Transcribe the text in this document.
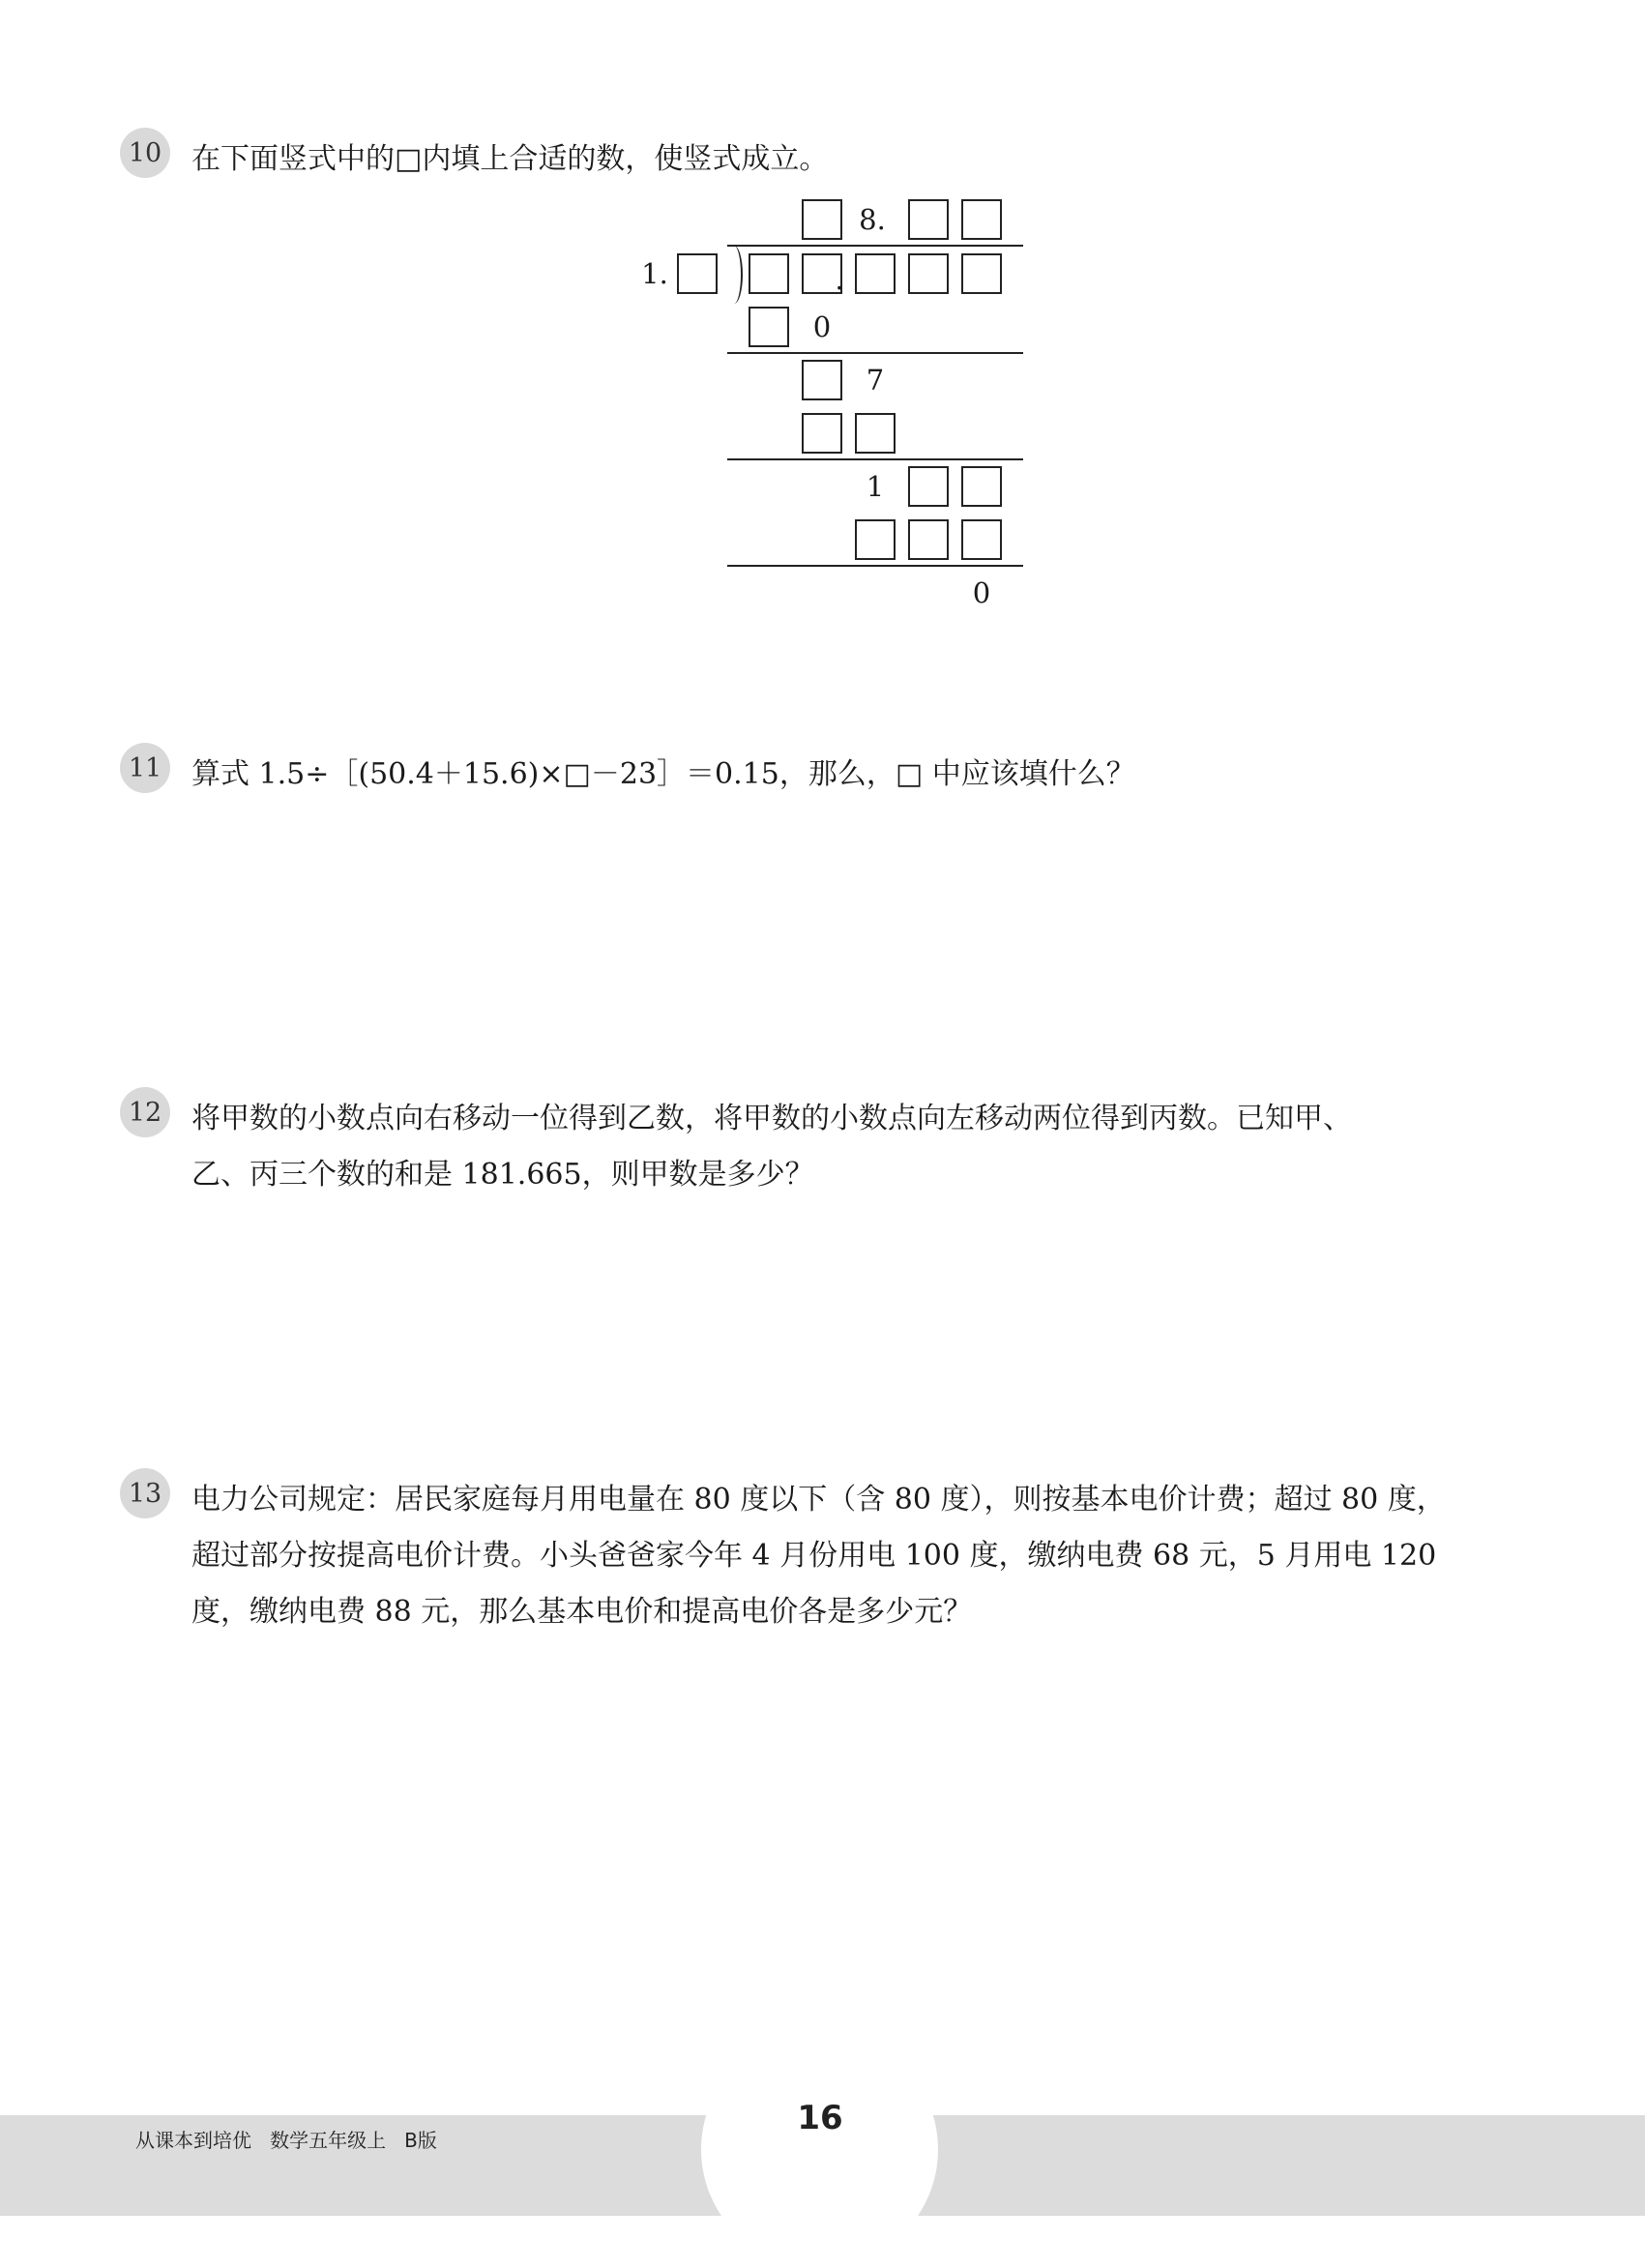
10 在下面竖式中的□内填上合适的数，使竖式成立。
8.
1.	.
0
7
1
0
11 算式 1.5÷［(50.4＋15.6)×□－23］＝0.15，那么，□ 中应该填什么？
12 将甲数的小数点向右移动一位得到乙数，将甲数的小数点向左移动两位得到丙数。已知甲、
乙、丙三个数的和是 181.665，则甲数是多少？
13 电力公司规定：居民家庭每月用电量在 80 度以下（含 80 度），则按基本电价计费；超过 80 度，
超过部分按提高电价计费。小头爸爸家今年 4 月份用电 100 度，缴纳电费 68 元，5 月用电 120
度，缴纳电费 88 元，那么基本电价和提高电价各是多少元？
从课本到培优   数学五年级上   B版
16
